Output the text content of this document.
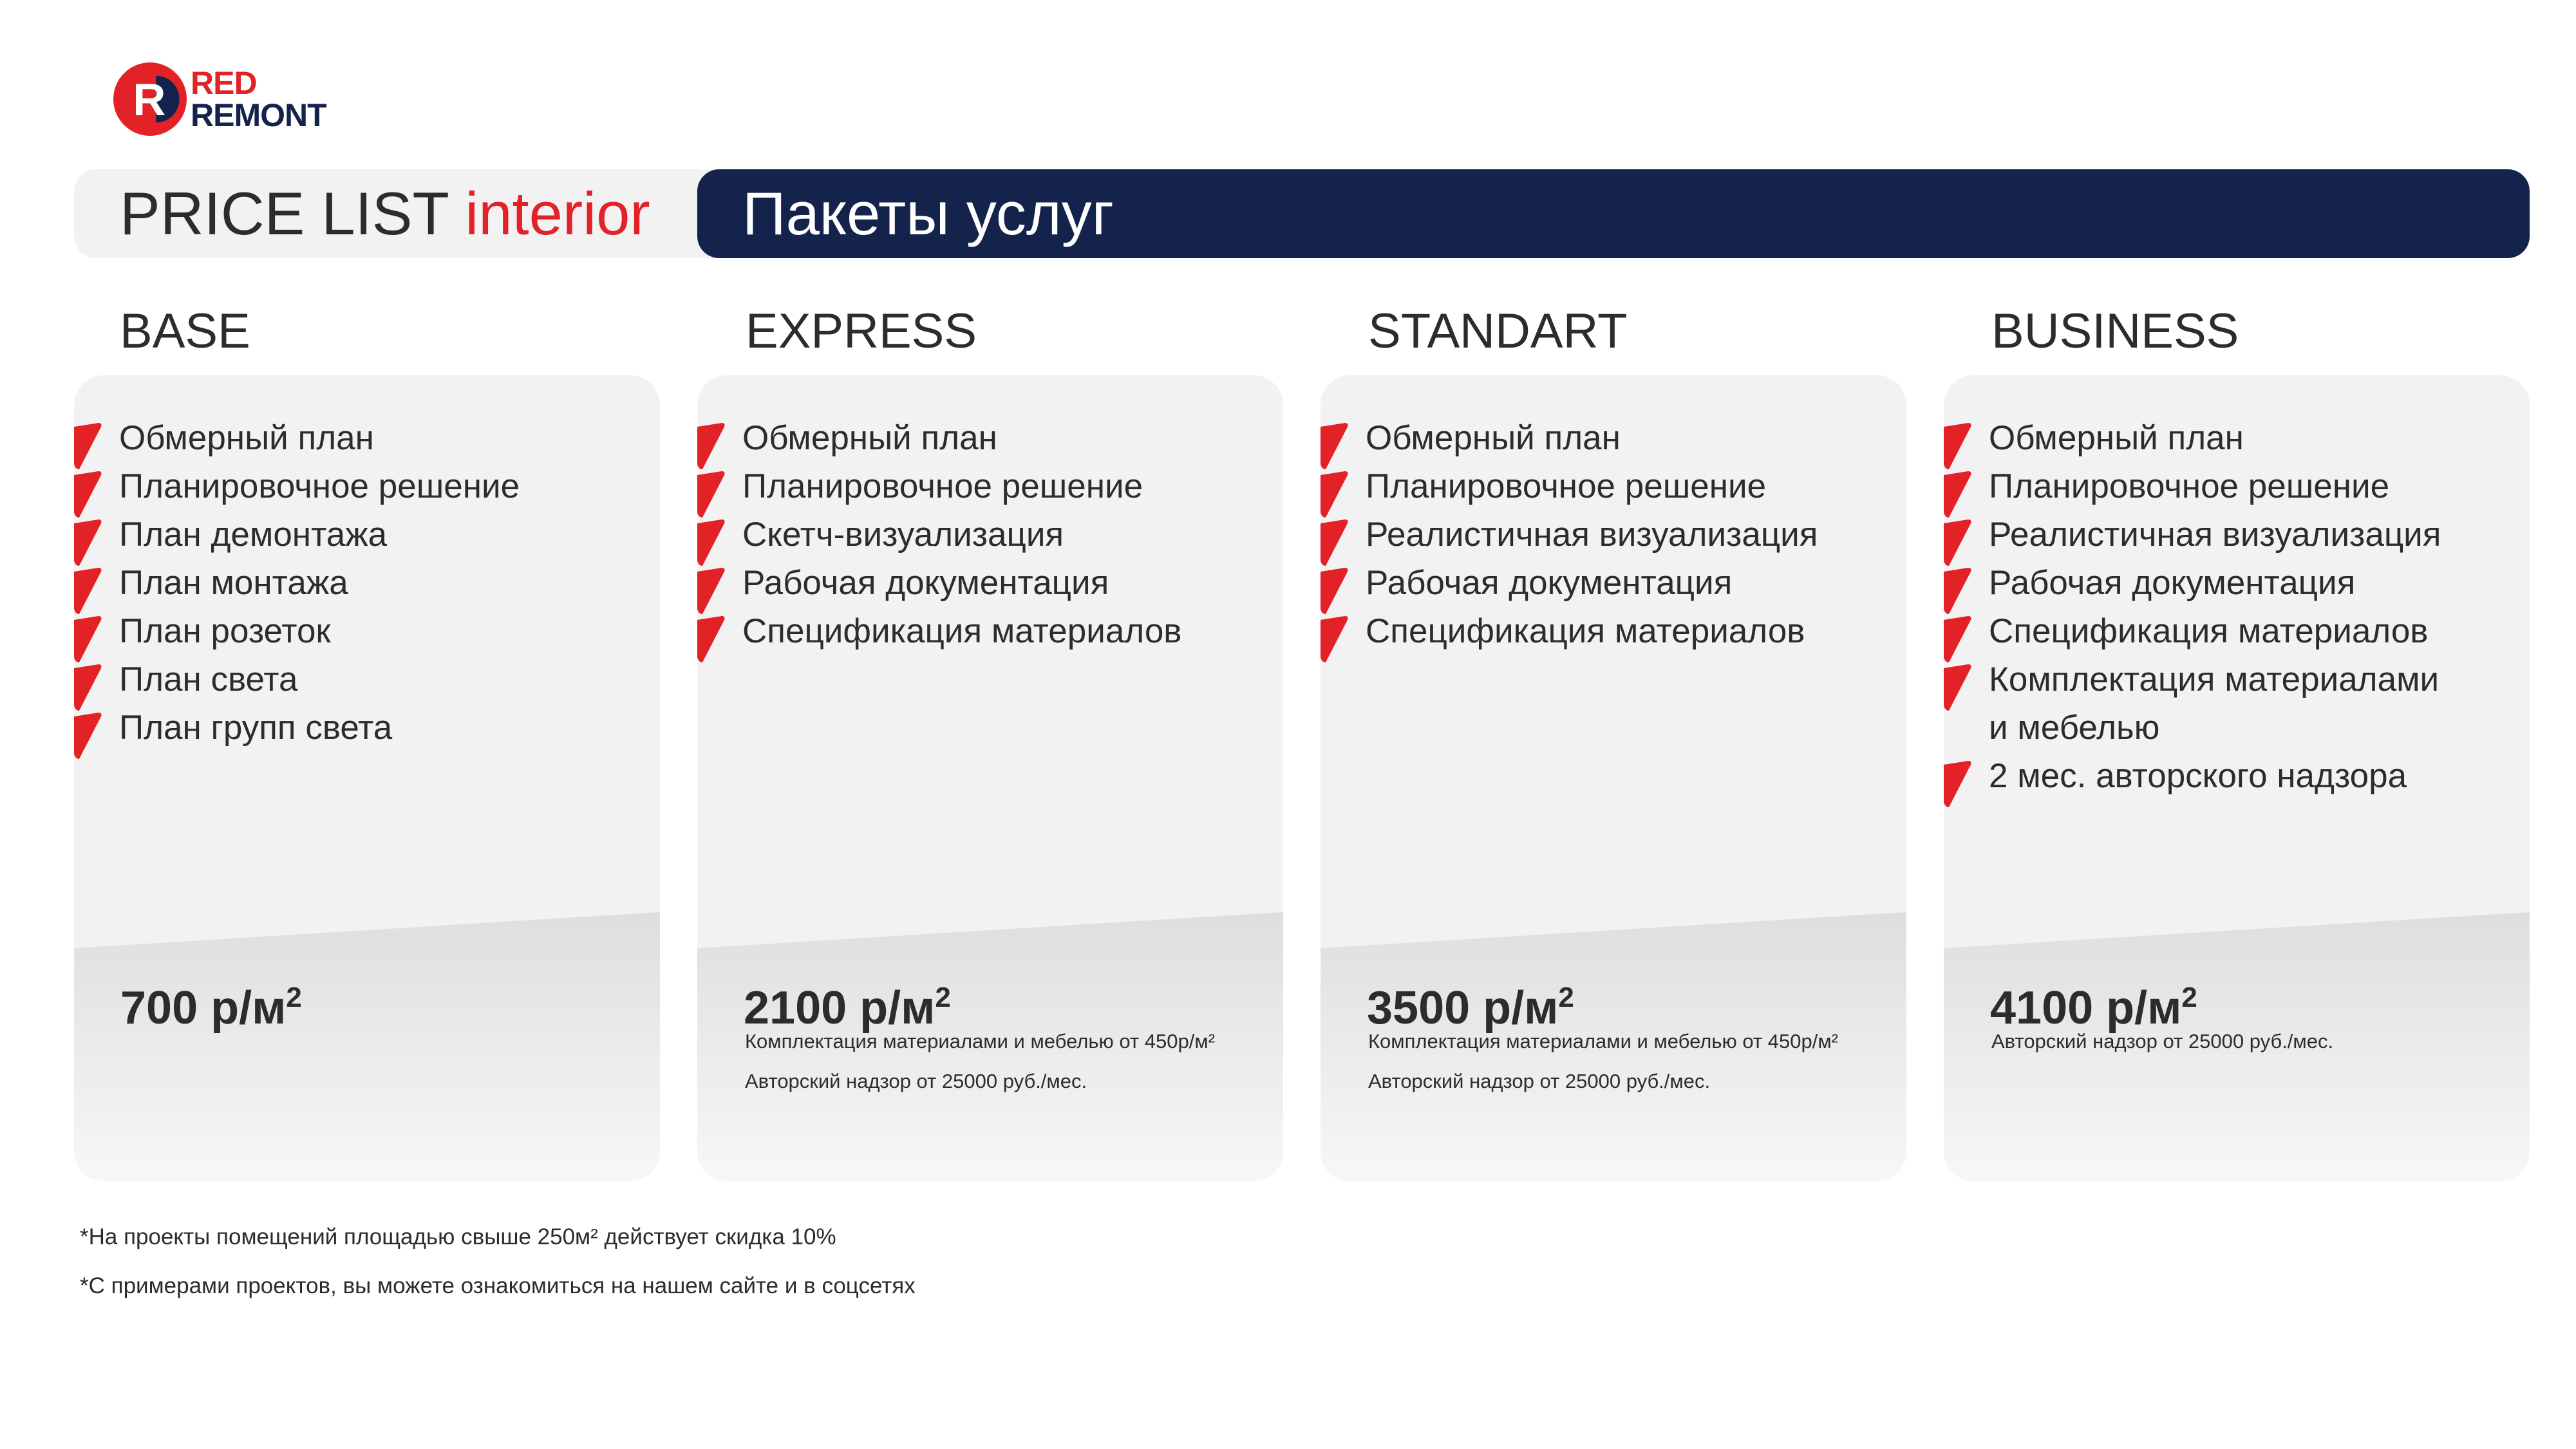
R RED
REMONT
PRICE LIST interior Пакеты услуг
BASE
Обмерный план
Планировочное решение
План демонтажа
План монтажа
План розеток
План света
План групп света
700 $р/м^2$
EXPRESS
Обмерный план
Планировочное решение
Скетч-визуализация
Рабочая документация
Спецификация материалов
2100 $р/м^2$
Комплектация материалами и мебелью от 450р/м²
Авторский надзор от 25000 руб./мес.
STANDART
Обмерный план
Планировочное решение
Реалистичная визуализация
Рабочая документация
Спецификация материалов
3500 $р/м^2$
Комплектация материалами и мебелью от 450р/м²
Авторский надзор от 25000 руб./мес.
BUSINESS
Обмерный план
Планировочное решение
Реалистичная визуализация
Рабочая документация
Спецификация материалов
Комплектация материалами
и мебелью
2 мес. авторского надзора
4100 $р/м^2$
Авторский надзор от 25000 руб./мес.
*На проекты помещений площадью свыше 250м² действует скидка 10%
*С примерами проектов, вы можете ознакомиться на нашем сайте и в соцсетях
